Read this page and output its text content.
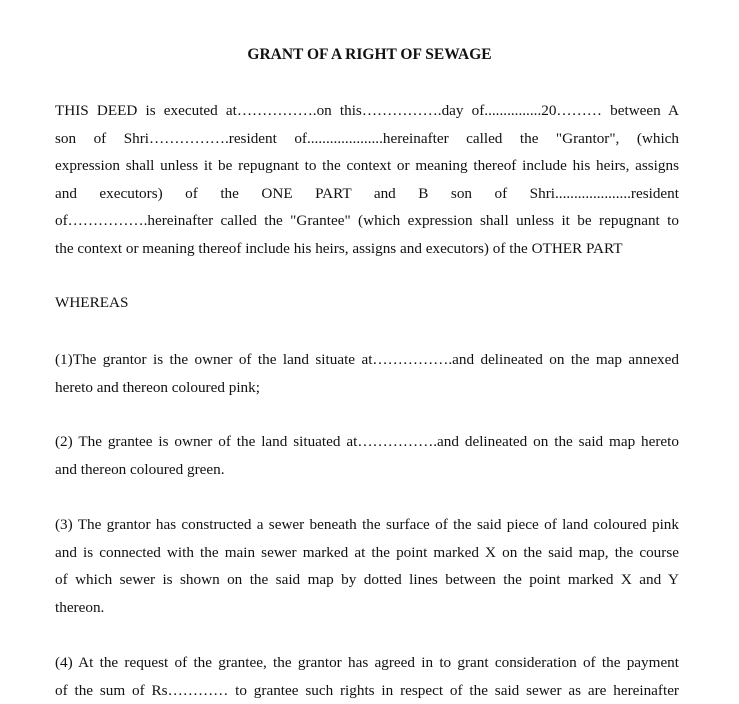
GRANT OF A RIGHT OF SEWAGE

THIS DEED is executed at…………….on this…………….day of...............20……… between A
son of Shri…………….resident of....................hereinafter called the "Grantor", (which
expression shall unless it be repugnant to the context or meaning thereof include his heirs, assigns
and executors) of the ONE PART and B son of Shri....................resident
of…………….hereinafter called the "Grantee" (which expression shall unless it be repugnant to
the context or meaning thereof include his heirs, assigns and executors) of the OTHER PART

WHEREAS

(1)The grantor is the owner of the land situate at…………….and delineated on the map annexed
hereto and thereon coloured pink;

(2) The grantee is owner of the land situated at…………….and delineated on the said map hereto
and thereon coloured green.

(3) The grantor has constructed a sewer beneath the surface of the said piece of land coloured pink
and is connected with the main sewer marked at the point marked X on the said map, the course
of which sewer is shown on the said map by dotted lines between the point marked X and Y
thereon.

(4) At the request of the grantee, the grantor has agreed in to grant consideration of the payment
of the sum of Rs………… to grantee such rights in respect of the said sewer as are hereinafter
